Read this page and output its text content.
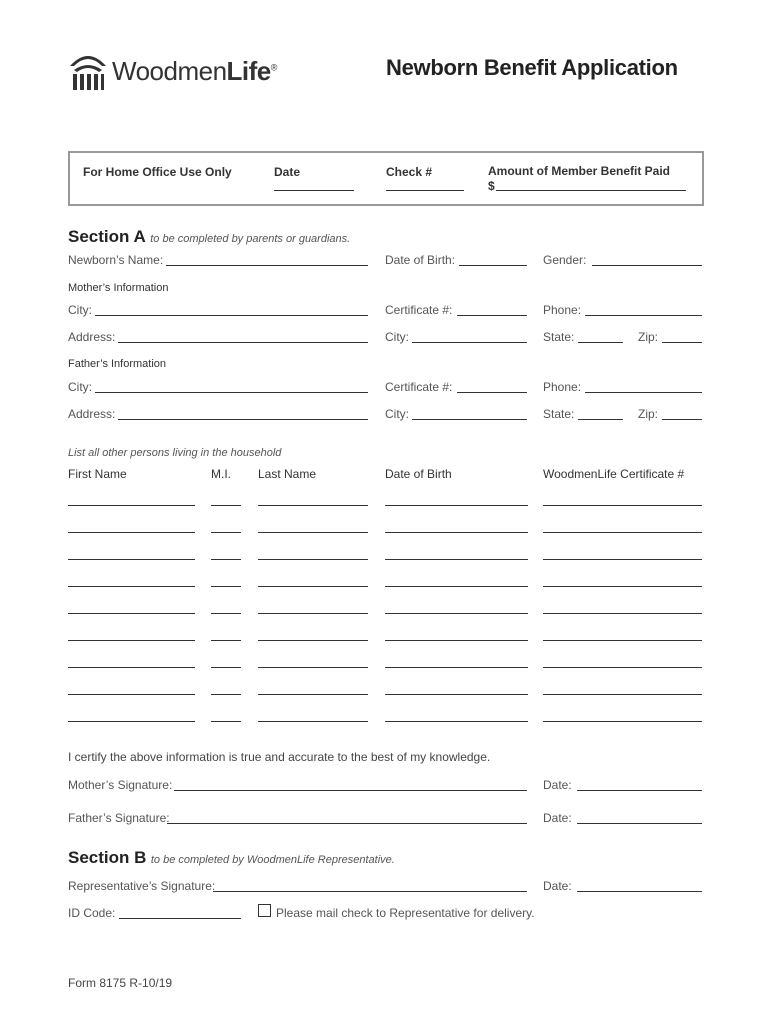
WoodmenLife®	Newborn Benefit Application
For Home Office Use Only	Date	Check #	Amount of Member Benefit Paid
$
Section A to be completed by parents or guardians.
Newborn’s Name:	Date of Birth:	Gender:
Mother’s Information
City:	Certificate #:	Phone:
Address:	City:	State:	Zip:
Father’s Information
City:	Certificate #:	Phone:
Address:	City:	State:	Zip:
List all other persons living in the household
First Name	M.I. Last Name	Date of Birth	WoodmenLife Certificate #
I certify the above information is true and accurate to the best of my knowledge.
Mother’s Signature:	Date:
Father’s Signature:	Date:
Section B to be completed by WoodmenLife Representative.
Representative’s Signature:	Date:
ID Code:	Please mail check to Representative for delivery.
Form 8175 R-10/19
